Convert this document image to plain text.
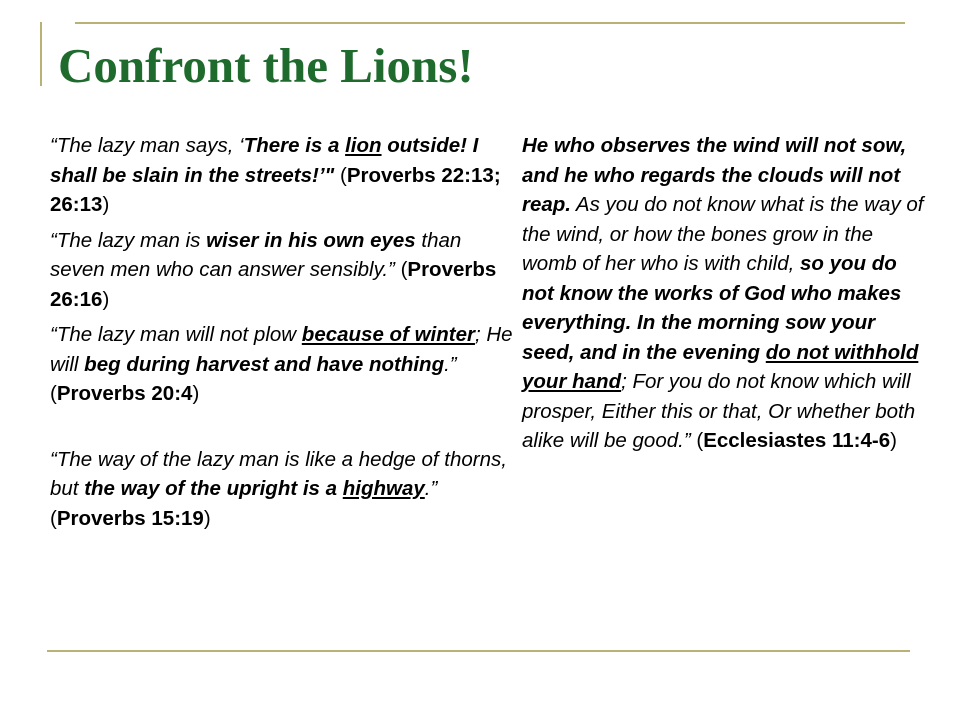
Confront the Lions!

“The lazy man says, ‘There is a lion outside! I shall be slain in the streets!’" (Proverbs 22:13; 26:13)

“The lazy man is wiser in his own eyes than seven men who can answer sensibly.” (Proverbs 26:16)

“The lazy man will not plow because of winter; He will beg during harvest and have nothing.” (Proverbs 20:4)

“The way of the lazy man is like a hedge of thorns, but the way of the upright is a highway.” (Proverbs 15:19)

He who observes the wind will not sow, and he who regards the clouds will not reap. As you do not know what is the way of the wind, or how the bones grow in the womb of her who is with child, so you do not know the works of God who makes everything. In the morning sow your seed, and in the evening do not withhold your hand; For you do not know which will prosper, Either this or that, Or whether both alike will be good.” (Ecclesiastes 11:4-6)
